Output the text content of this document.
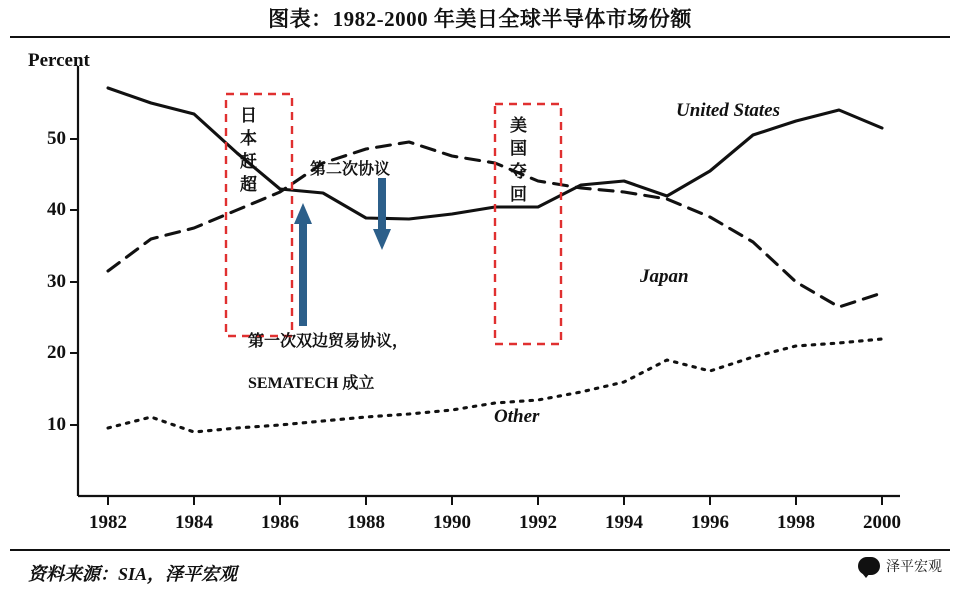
图表：1982-2000 年美日全球半导体市场份额
Percent
10
20
30
40
50
1982	1984	1986	1988	1990	1992	1994	1996	1998	2000
United States
Japan
Other
日本赶超	美国夺回
第二次协议
第一次双边贸易协议，
SEMATECH 成立
资料来源：SIA，泽平宏观	泽平宏观
